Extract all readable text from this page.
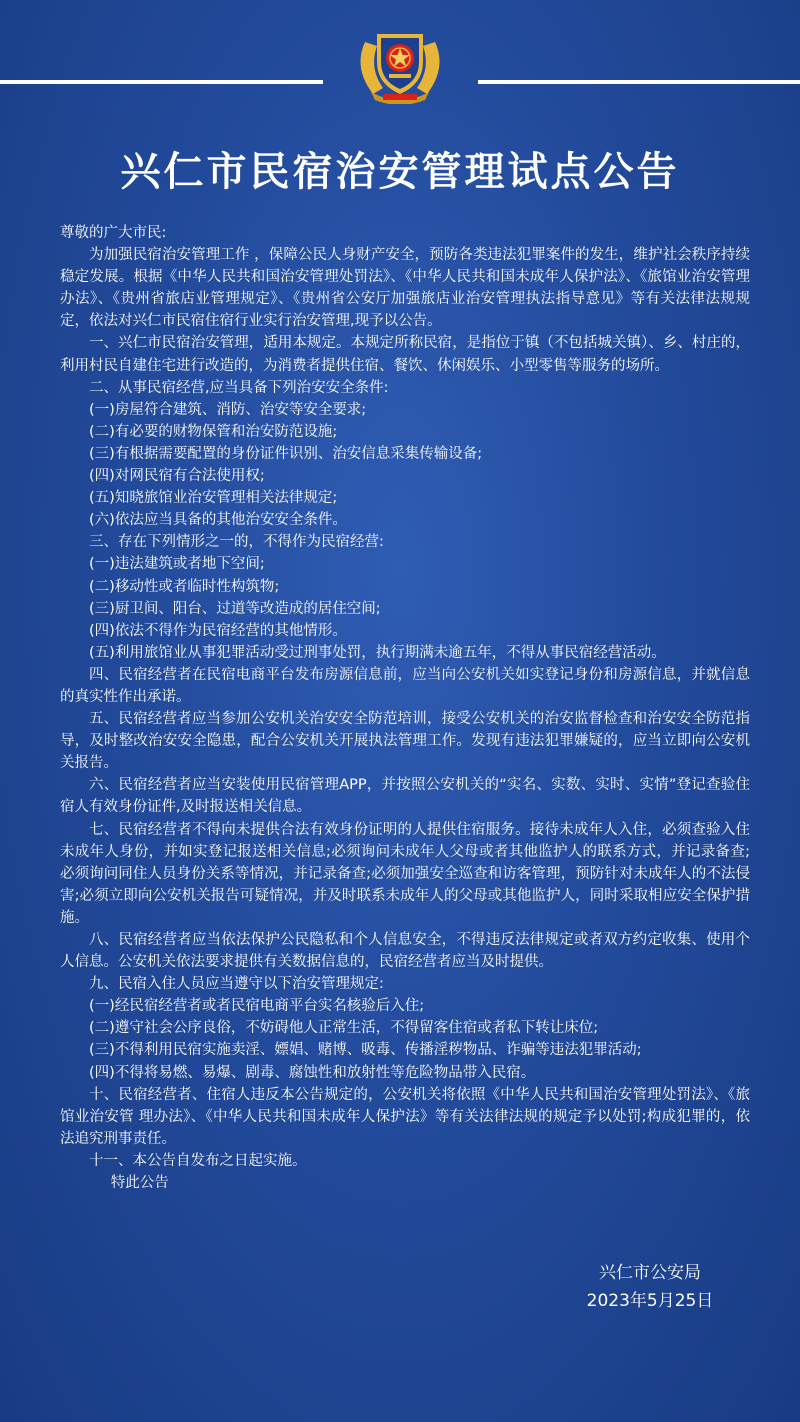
兴仁市民宿治安管理试点公告

尊敬的广大市民:

为加强民宿治安管理工作 ，保障公民人身财产安全，预防各类违法犯罪案件的发生，维护社会秩序持续稳定发展。根据《中华人民共和国治安管理处罚法》、《中华人民共和国未成年人保护法》、《旅馆业治安管理办法》、《贵州省旅店业管理规定》、《贵州省公安厅加强旅店业治安管理执法指导意见》等有关法律法规规定，依法对兴仁市民宿住宿行业实行治安管理,现予以公告。

一、兴仁市民宿治安管理，适用本规定。本规定所称民宿，是指位于镇（不包括城关镇）、乡、村庄的，利用村民自建住宅进行改造的，为消费者提供住宿、餐饮、休闲娱乐、小型零售等服务的场所。

二、从事民宿经营,应当具备下列治安安全条件:

(一)房屋符合建筑、消防、治安等安全要求;

(二)有必要的财物保管和治安防范设施;

(三)有根据需要配置的身份证件识别、治安信息采集传输设备;

(四)对网民宿有合法使用权;

(五)知晓旅馆业治安管理相关法律规定;

(六)依法应当具备的其他治安安全条件。

三、存在下列情形之一的，不得作为民宿经营:

(一)违法建筑或者地下空间;

(二)移动性或者临时性构筑物;

(三)厨卫间、阳台、过道等改造成的居住空间;

(四)依法不得作为民宿经营的其他情形。

(五)利用旅馆业从事犯罪活动受过刑事处罚，执行期满未逾五年，不得从事民宿经营活动。

四、民宿经营者在民宿电商平台发布房源信息前，应当向公安机关如实登记身份和房源信息，并就信息的真实性作出承诺。

五、民宿经营者应当参加公安机关治安安全防范培训，接受公安机关的治安监督检查和治安安全防范指导，及时整改治安安全隐患，配合公安机关开展执法管理工作。发现有违法犯罪嫌疑的，应当立即向公安机关报告。

六、民宿经营者应当安装使用民宿管理APP，并按照公安机关的“实名、实数、实时、实情”登记查验住宿人有效身份证件,及时报送相关信息。

七、民宿经营者不得向未提供合法有效身份证明的人提供住宿服务。接待未成年人入住，必须查验入住未成年人身份，并如实登记报送相关信息;必须询问未成年人父母或者其他监护人的联系方式，并记录备查;必须询问同住人员身份关系等情况，并记录备查;必须加强安全巡查和访客管理，预防针对未成年人的不法侵害;必须立即向公安机关报告可疑情况，并及时联系未成年人的父母或其他监护人，同时采取相应安全保护措施。

八、民宿经营者应当依法保护公民隐私和个人信息安全，不得违反法律规定或者双方约定收集、使用个人信息。公安机关依法要求提供有关数据信息的，民宿经营者应当及时提供。

九、民宿入住人员应当遵守以下治安管理规定:

(一)经民宿经营者或者民宿电商平台实名核验后入住;

(二)遵守社会公序良俗，不妨碍他人正常生活，不得留客住宿或者私下转让床位;

(三)不得利用民宿实施卖淫、嫖娼、赌博、吸毒、传播淫秽物品、诈骗等违法犯罪活动;

(四)不得将易燃、易爆、剧毒、腐蚀性和放射性等危险物品带入民宿。

十、民宿经营者、住宿人违反本公告规定的，公安机关将依照《中华人民共和国治安管理处罚法》、《旅馆业治安管 理办法》、《中华人民共和国未成年人保护法》等有关法律法规的规定予以处罚;构成犯罪的，依法追究刑事责任。

十一、本公告自发布之日起实施。

特此公告

兴仁市公安局
2023年5月25日
